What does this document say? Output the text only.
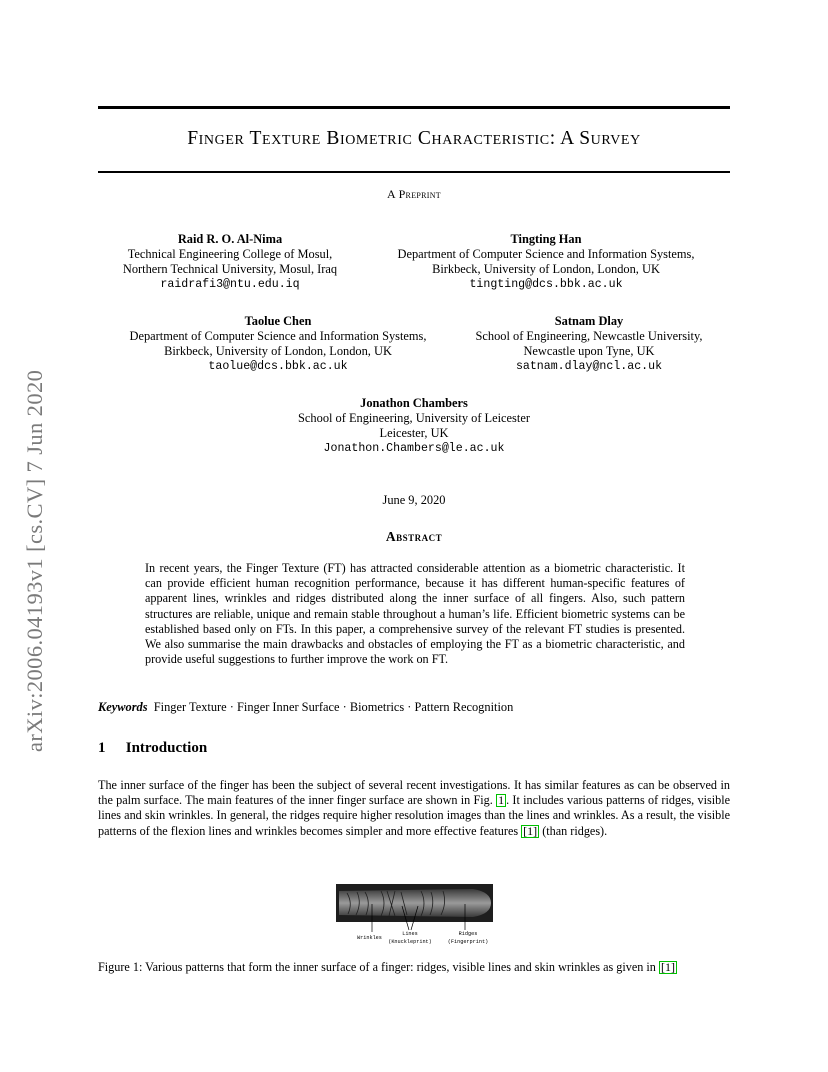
arXiv:2006.04193v1 [cs.CV] 7 Jun 2020
Finger Texture Biometric Characteristic: A Survey
A Preprint
Raid R. O. Al-Nima
Technical Engineering College of Mosul,
Northern Technical University, Mosul, Iraq
raidrafi3@ntu.edu.iq
Tingting Han
Department of Computer Science and Information Systems,
Birkbeck, University of London, London, UK
tingting@dcs.bbk.ac.uk
Taolue Chen
Department of Computer Science and Information Systems,
Birkbeck, University of London, London, UK
taolue@dcs.bbk.ac.uk
Satnam Dlay
School of Engineering, Newcastle University,
Newcastle upon Tyne, UK
satnam.dlay@ncl.ac.uk
Jonathon Chambers
School of Engineering, University of Leicester
Leicester, UK
Jonathon.Chambers@le.ac.uk
June 9, 2020
Abstract
In recent years, the Finger Texture (FT) has attracted considerable attention as a biometric characteristic. It can provide efficient human recognition performance, because it has different human-specific features of apparent lines, wrinkles and ridges distributed along the inner surface of all fingers. Also, such pattern structures are reliable, unique and remain stable throughout a human’s life. Efficient biometric systems can be established based only on FTs. In this paper, a comprehensive survey of the relevant FT studies is presented. We also summarise the main drawbacks and obstacles of employing the FT as a biometric characteristic, and provide useful suggestions to further improve the work on FT.
Keywords Finger Texture · Finger Inner Surface · Biometrics · Pattern Recognition
1 Introduction
The inner surface of the finger has been the subject of several recent investigations. It has similar features as can be observed in the palm surface. The main features of the inner finger surface are shown in Fig. 1 . It includes various patterns of ridges, visible lines and skin wrinkles. In general, the ridges require higher resolution images than the lines and wrinkles. As a result, the visible patterns of the flexion lines and wrinkles becomes simpler and more effective features [1] (than ridges).
Wrinkles
Lines
(Knuckleprint)
Ridges
(Fingerprint)
Figure 1: Various patterns that form the inner surface of a finger: ridges, visible lines and skin wrinkles as given in [1]
